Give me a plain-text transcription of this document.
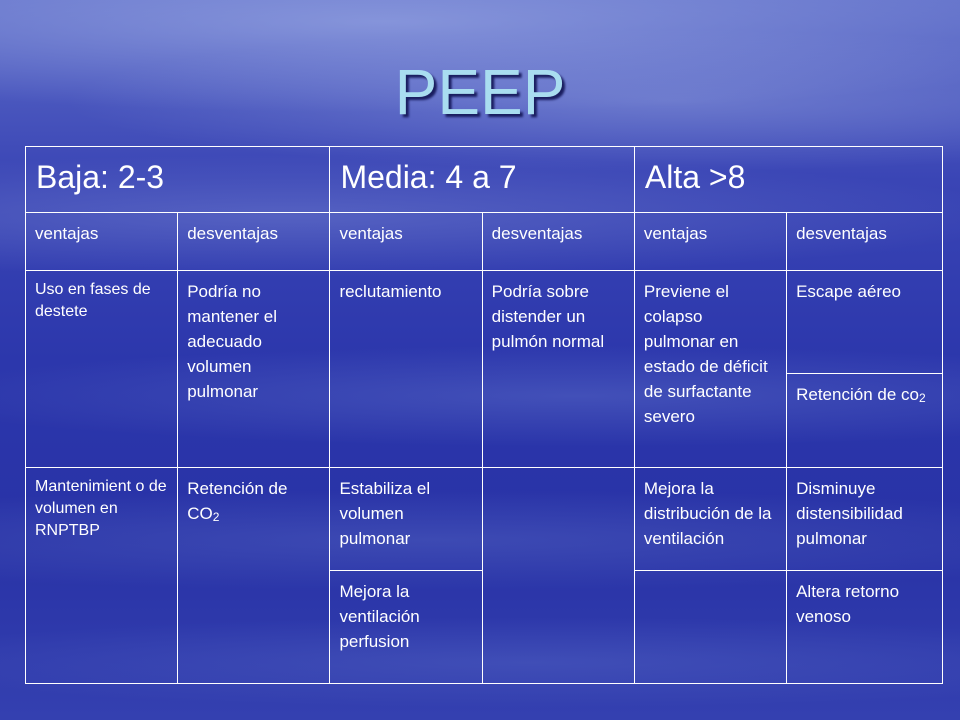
PEEP
Baja: 2-3		Media: 4 a 7		Alta >8	
ventajas	desventajas	ventajas	desventajas	ventajas	desventajas
Uso en fases de destete	Podría no mantener el adecuado volumen pulmonar	reclutamiento	Podría sobre distender un pulmón normal	Previene el colapso pulmonar en estado de déficit de surfactante severo	Escape aéreo
					Retención de $co_2$
Mantenimient o de volumen en RNPTBP	Retención de $CO_2$	Estabiliza el volumen pulmonar		Mejora la distribución de la ventilación	Disminuye distensibilidad pulmonar
		Mejora la ventilación perfusion			Altera retorno venoso
